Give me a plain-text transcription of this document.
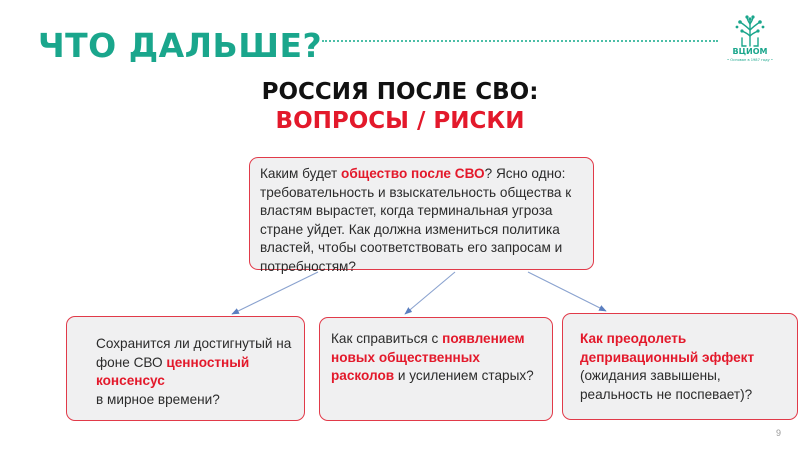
ЧТО ДАЛЬШЕ?	ВЦИОМ
• Основан в 1987 году •
РОССИЯ ПОСЛЕ СВО:
ВОПРОСЫ / РИСКИ
Каким будет общество после СВО? Ясно одно: требовательность и взыскательность общества к властям вырастет, когда терминальная угроза стране уйдет. Как должна измениться политика властей, чтобы соответствовать его запросам и потребностям?
Сохранится ли достигнутый на фоне СВО ценностный консенсус
в мирное времени?
Как справиться с появлением новых общественных расколов и усилением старых?
Как преодолеть депривационный эффект
(ожидания завышены, реальность не поспевает)?
9
